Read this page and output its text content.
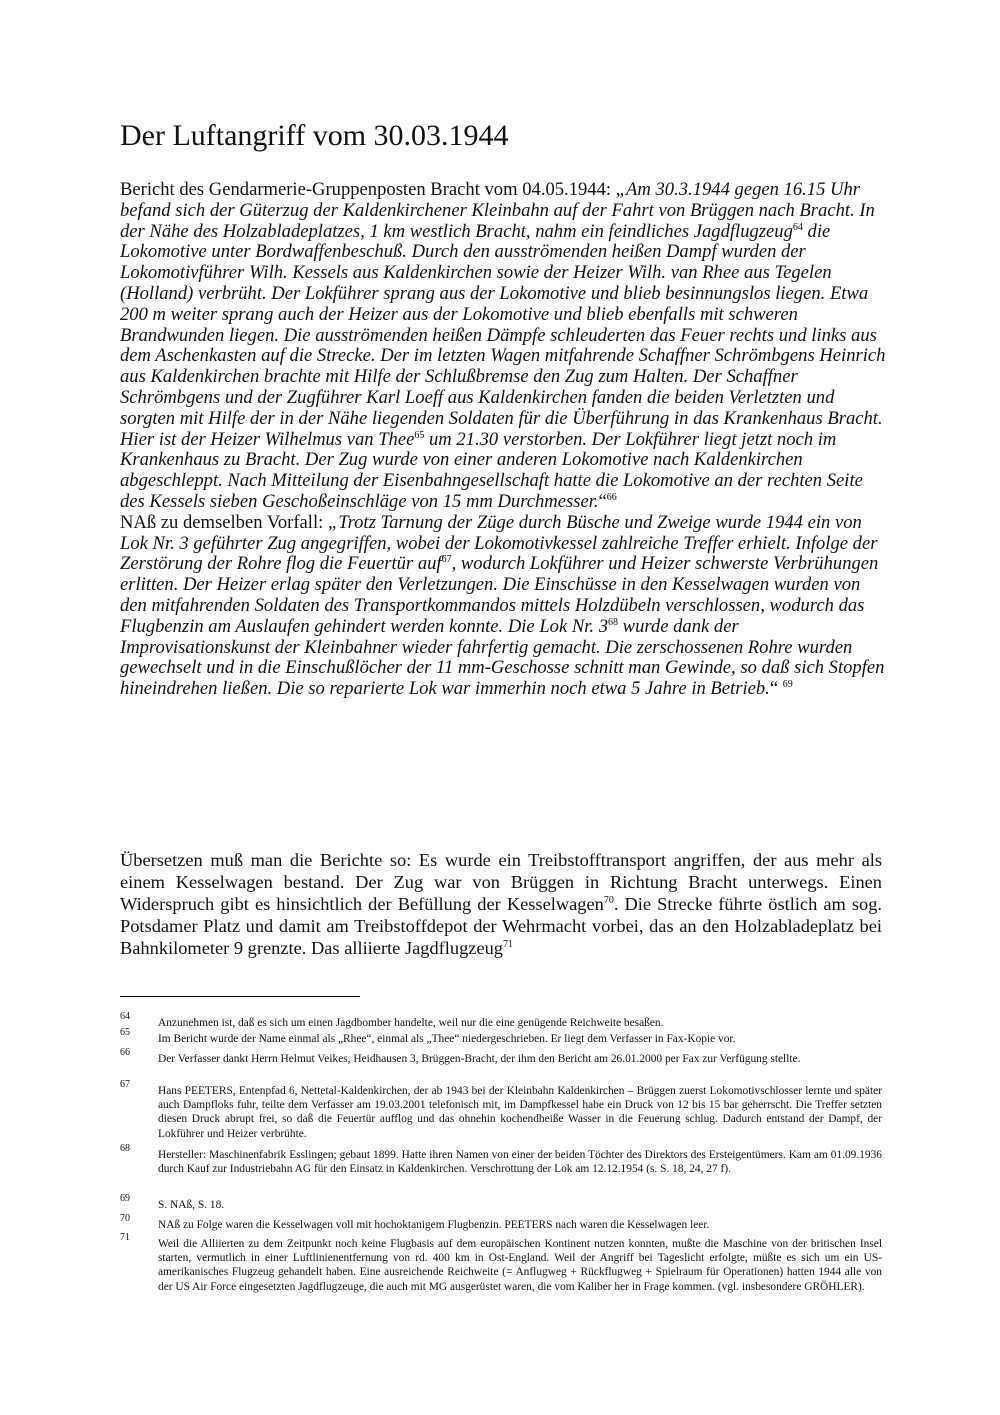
Der Luftangriff vom 30.03.1944

Bericht des Gendarmerie-Gruppenposten Bracht vom 04.05.1944: „Am 30.3.1944 gegen 16.15 Uhr befand sich der Güterzug der Kaldenkirchener Kleinbahn auf der Fahrt von Brüggen nach Bracht. In der Nähe des Holzabladeplatzes, 1 km westlich Bracht, nahm ein feindliches Jagdflugzeug$^{64}$ die Lokomotive unter Bordwaffenbeschuß. Durch den ausströmenden heißen Dampf wurden der Lokomotivführer Wilh. Kessels aus Kaldenkirchen sowie der Heizer Wilh. van Rhee aus Tegelen (Holland) verbrüht. Der Lokführer sprang aus der Lokomotive und blieb besinnungslos liegen. Etwa 200 m weiter sprang auch der Heizer aus der Lokomotive und blieb ebenfalls mit schweren Brandwunden liegen. Die ausströmenden heißen Dämpfe schleuderten das Feuer rechts und links aus dem Aschenkasten auf die Strecke. Der im letzten Wagen mitfahrende Schaffner Schrömbgens Heinrich aus Kaldenkirchen brachte mit Hilfe der Schlußbremse den Zug zum Halten. Der Schaffner Schrömbgens und der Zugführer Karl Loeff aus Kaldenkirchen fanden die beiden Verletzten und sorgten mit Hilfe der in der Nähe liegenden Soldaten für die Überführung in das Krankenhaus Bracht. Hier ist der Heizer Wilhelmus van Thee$^{65}$ um 21.30 verstorben. Der Lokführer liegt jetzt noch im Krankenhaus zu Bracht. Der Zug wurde von einer anderen Lokomotive nach Kaldenkirchen abgeschleppt. Nach Mitteilung der Eisenbahngesellschaft hatte die Lokomotive an der rechten Seite des Kessels sieben Geschoßeinschläge von 15 mm Durchmesser.“$^{66}$

NAß zu demselben Vorfall: „Trotz Tarnung der Züge durch Büsche und Zweige wurde 1944 ein von Lok Nr. 3 geführter Zug angegriffen, wobei der Lokomotivkessel zahlreiche Treffer erhielt. Infolge der Zerstörung der Rohre flog die Feuertür auf$^{67}$, wodurch Lokführer und Heizer schwerste Verbrühungen erlitten. Der Heizer erlag später den Verletzungen. Die Einschüsse in den Kesselwagen wurden von den mitfahrenden Soldaten des Transportkommandos mittels Holzdübeln verschlossen, wodurch das Flugbenzin am Auslaufen gehindert werden konnte. Die Lok Nr. $3^{68}$ wurde dank der Improvisationskunst der Kleinbahner wieder fahrfertig gemacht. Die zerschossenen Rohre wurden gewechselt und in die Einschußlöcher der 11 mm-Geschosse schnitt man Gewinde, so daß sich Stopfen hineindrehen ließen. Die so reparierte Lok war immerhin noch etwa 5 Jahre in Betrieb.“ $^{69}$

Übersetzen muß man die Berichte so: Es wurde ein Treibstofftransport angriffen, der aus mehr als einem Kesselwagen bestand. Der Zug war von Brüggen in Richtung Bracht unterwegs. Einen Widerspruch gibt es hinsichtlich der Befüllung der Kesselwagen$^{70}$. Die Strecke führte östlich am sog. Potsdamer Platz und damit am Treibstoffdepot der Wehrmacht vorbei, das an den Holzabladeplatz bei Bahnkilometer 9 grenzte. Das alliierte Jagdflugzeug$^{71}$

64
Anzunehmen ist, daß es sich um einen Jagdbomber handelte, weil nur die eine genügende Reichweite besaßen.
65
Im Bericht wurde der Name einmal als „Rhee“, einmal als „Thee“ niedergeschrieben. Er liegt dem Verfasser in Fax-Kopie vor.
66
Der Verfasser dankt Herrn Helmut Veikes, Heidhausen 3, Brüggen-Bracht, der ihm den Bericht am 26.01.2000 per Fax zur Verfügung stellte.
67
Hans PEETERS, Entenpfad 6, Nettetal-Kaldenkirchen, der ab 1943 bei der Kleinbahn Kaldenkirchen – Brüggen zuerst Lokomotivschlosser lernte und später auch Dampfloks fuhr, teilte dem Verfasser am 19.03.2001 telefonisch mit, im Dampfkessel habe ein Druck von 12 bis 15 bar geherrscht. Die Treffer setzten diesen Druck abrupt frei, so daß die Feuertür aufflog und das ohnehin kochendheiße Wasser in die Feuerung schlug. Dadurch entstand der Dampf, der Lokführer und Heizer verbrühte.
68
Hersteller: Maschinenfabrik Esslingen; gebaut 1899. Hatte ihren Namen von einer der beiden Töchter des Direktors des Ersteigentümers. Kam am 01.09.1936 durch Kauf zur Industriebahn AG für den Einsatz in Kaldenkirchen. Verschrottung der Lok am 12.12.1954 (s. S. 18, 24, 27 f).
69
S. NAß, S. 18.
70
NAß zu Folge waren die Kesselwagen voll mit hochoktanigem Flugbenzin. PEETERS nach waren die Kesselwagen leer.
71
Weil die Alliierten zu dem Zeitpunkt noch keine Flugbasis auf dem europäischen Kontinent nutzen konnten, mußte die Maschine von der britischen Insel starten, vermutlich in einer Luftlinienentfernung von rd. 400 km in Ost-England. Weil der Angriff bei Tageslicht erfolgte, müßte es sich um ein US-amerikanisches Flugzeug gehandelt haben. Eine ausreichende Reichweite (= Anflugweg + Rückflugweg + Spielraum für Operationen) hatten 1944 alle von der US Air Force eingesetzten Jagdflugzeuge, die auch mit MG ausgerüstet waren, die vom Kaliber her in Frage kommen. (vgl. insbesondere GRÖHLER).
